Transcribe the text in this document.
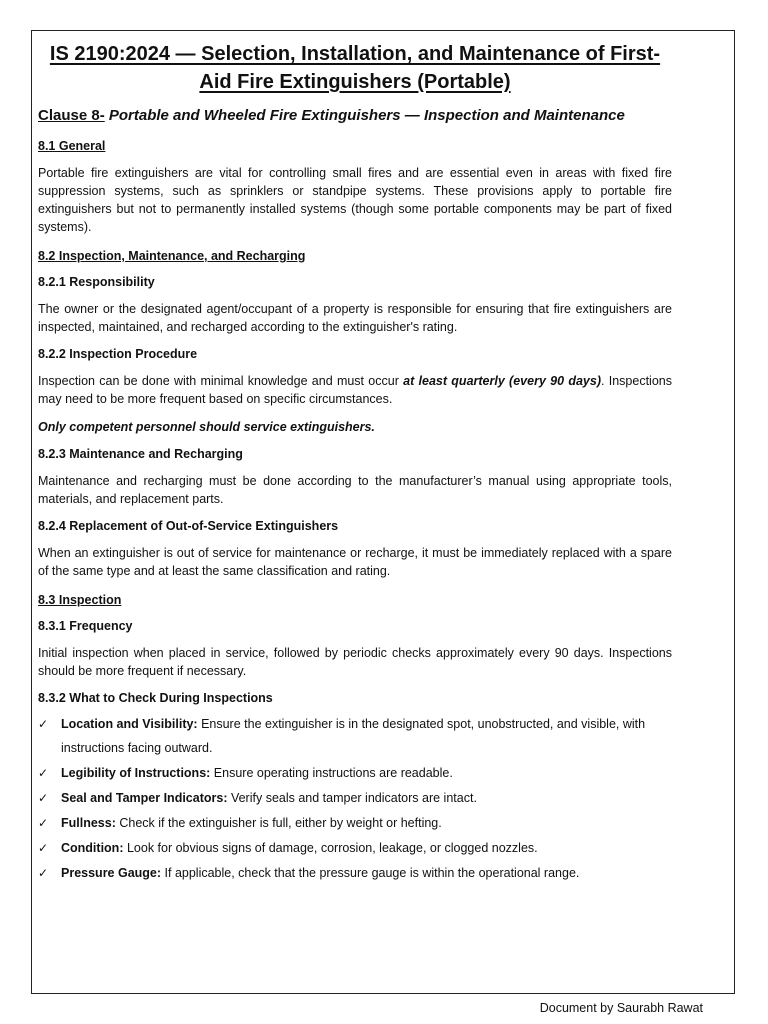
IS 2190:2024 — Selection, Installation, and Maintenance of First-Aid Fire Extinguishers (Portable)
Clause 8- Portable and Wheeled Fire Extinguishers — Inspection and Maintenance
8.1 General

Portable fire extinguishers are vital for controlling small fires and are essential even in areas with fixed fire suppression systems, such as sprinklers or standpipe systems. These provisions apply to portable fire extinguishers but not to permanently installed systems (though some portable components may be part of fixed systems).

8.2 Inspection, Maintenance, and Recharging
8.2.1 Responsibility

The owner or the designated agent/occupant of a property is responsible for ensuring that fire extinguishers are inspected, maintained, and recharged according to the extinguisher's rating.

8.2.2 Inspection Procedure

Inspection can be done with minimal knowledge and must occur at least quarterly (every 90 days). Inspections may need to be more frequent based on specific circumstances.

Only competent personnel should service extinguishers.

8.2.3 Maintenance and Recharging

Maintenance and recharging must be done according to the manufacturer’s manual using appropriate tools, materials, and replacement parts.

8.2.4 Replacement of Out-of-Service Extinguishers

When an extinguisher is out of service for maintenance or recharge, it must be immediately replaced with a spare of the same type and at least the same classification and rating.

8.3 Inspection
8.3.1 Frequency

Initial inspection when placed in service, followed by periodic checks approximately every 90 days. Inspections should be more frequent if necessary.

8.3.2 What to Check During Inspections
✓ Location and Visibility: Ensure the extinguisher is in the designated spot, unobstructed, and visible, with instructions facing outward.
✓ Legibility of Instructions: Ensure operating instructions are readable.
✓ Seal and Tamper Indicators: Verify seals and tamper indicators are intact.
✓ Fullness: Check if the extinguisher is full, either by weight or hefting.
✓ Condition: Look for obvious signs of damage, corrosion, leakage, or clogged nozzles.
✓ Pressure Gauge: If applicable, check that the pressure gauge is within the operational range.
Document by Saurabh Rawat
